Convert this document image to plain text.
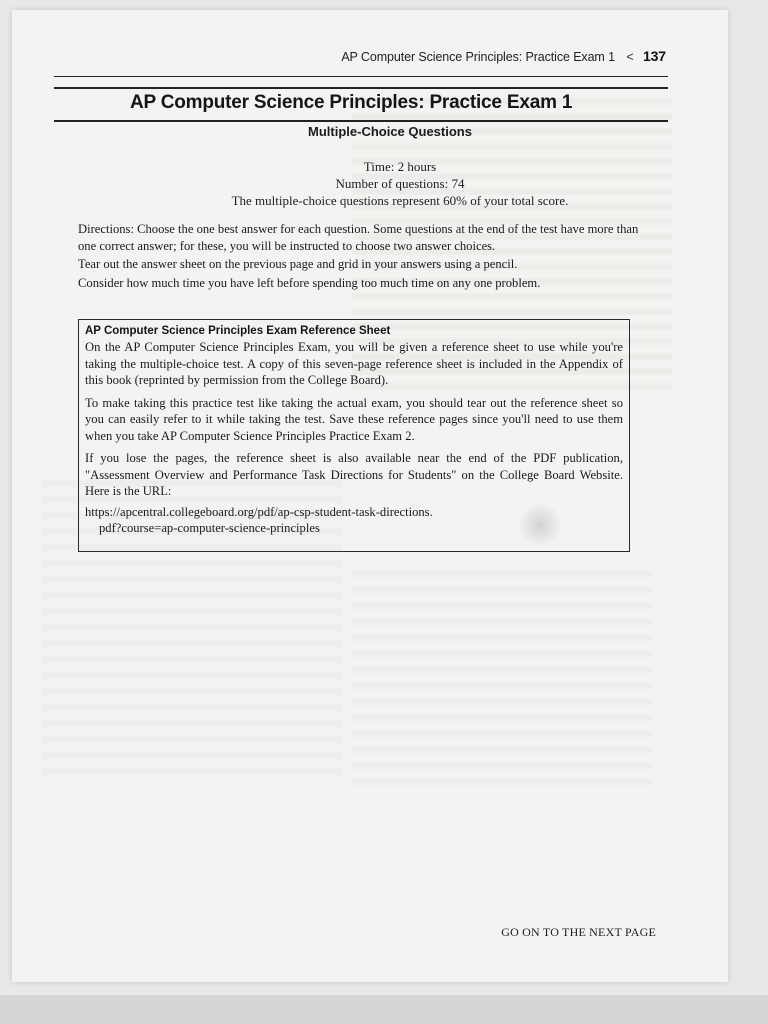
AP Computer Science Principles: Practice Exam 1 < 137
AP Computer Science Principles: Practice Exam 1
Multiple-Choice Questions
Time: 2 hours
Number of questions: 74
The multiple-choice questions represent 60% of your total score.

Directions: Choose the one best answer for each question. Some questions at the end of the test have more than one correct answer; for these, you will be instructed to choose two answer choices.

Tear out the answer sheet on the previous page and grid in your answers using a pencil.

Consider how much time you have left before spending too much time on any one problem.

AP Computer Science Principles Exam Reference Sheet

On the AP Computer Science Principles Exam, you will be given a reference sheet to use while you're taking the multiple-choice test. A copy of this seven-page reference sheet is included in the Appendix of this book (reprinted by permission from the College Board).

To make taking this practice test like taking the actual exam, you should tear out the reference sheet so you can easily refer to it while taking the test. Save these reference pages since you'll need to use them when you take AP Computer Science Principles Practice Exam 2.

If you lose the pages, the reference sheet is also available near the end of the PDF publication, "Assessment Overview and Performance Task Directions for Students" on the College Board Website. Here is the URL:

https://apcentral.collegeboard.org/pdf/ap-csp-student-task-directions.

pdf?course=ap-computer-science-principles

GO ON TO THE NEXT PAGE
